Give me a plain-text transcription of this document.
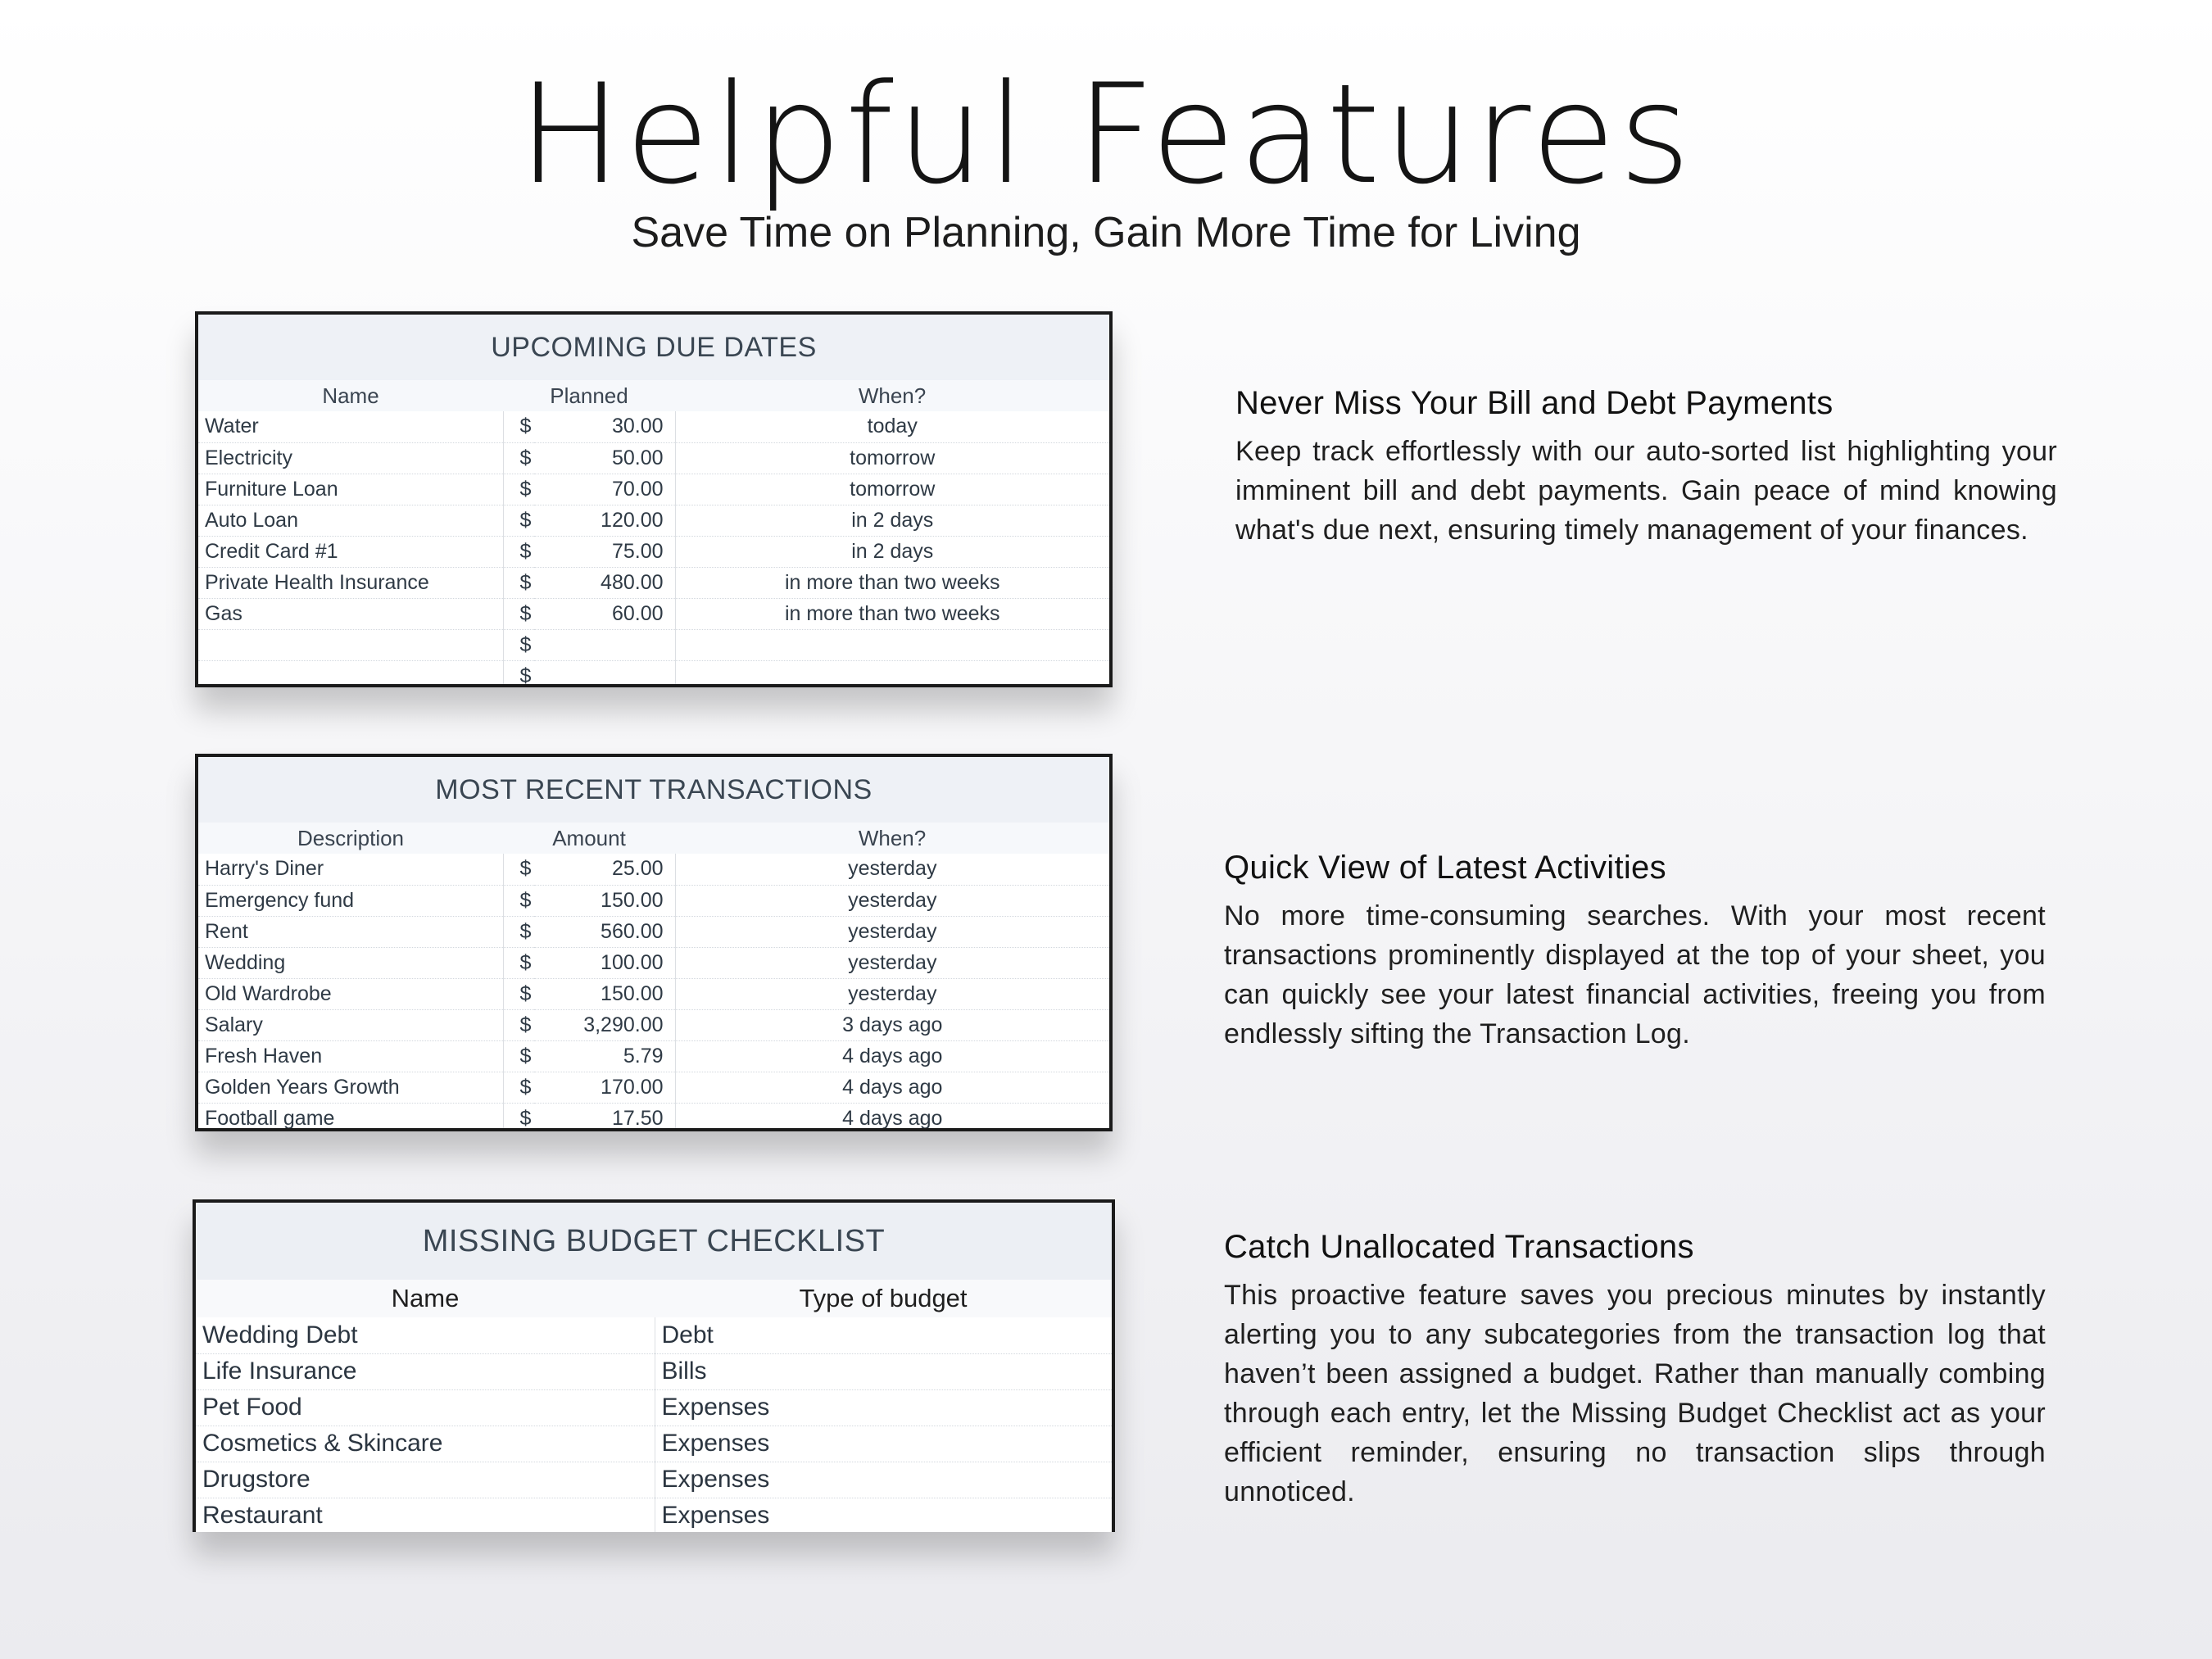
Helpful Features
Save Time on Planning, Gain More Time for Living
UPCOMING DUE DATES
Name	Planned		When?
Water	$	30.00	today
Electricity	$	50.00	tomorrow
Furniture Loan	$	70.00	tomorrow
Auto Loan	$	120.00	in 2 days
Credit Card #1	$	75.00	in 2 days
Private Health Insurance	$	480.00	in more than two weeks
Gas	$	60.00	in more than two weeks
	$		
	$		
MOST RECENT TRANSACTIONS
Description	Amount		When?
Harry's Diner	$	25.00	yesterday
Emergency fund	$	150.00	yesterday
Rent	$	560.00	yesterday
Wedding	$	100.00	yesterday
Old Wardrobe	$	150.00	yesterday
Salary	$	3,290.00	3 days ago
Fresh Haven	$	5.79	4 days ago
Golden Years Growth	$	170.00	4 days ago
Football game	$	17.50	4 days ago
MISSING BUDGET CHECKLIST
Name	Type of budget
Wedding Debt	Debt
Life Insurance	Bills
Pet Food	Expenses
Cosmetics & Skincare	Expenses
Drugstore	Expenses
Restaurant	Expenses
Never Miss Your Bill and Debt Payments

Keep track effortlessly with our auto-sorted list highlighting your imminent bill and debt payments. Gain peace of mind knowing what's due next, ensuring timely management of your finances.

Quick View of Latest Activities

No more time-consuming searches. With your most recent transactions prominently displayed at the top of your sheet, you can quickly see your latest financial activities, freeing you from endlessly sifting the Transaction Log.

Catch Unallocated Transactions

This proactive feature saves you precious minutes by instantly alerting you to any subcategories from the transaction log that haven’t been assigned a budget. Rather than manually combing through each entry, let the Missing Budget Checklist act as your efficient reminder, ensuring no transaction slips through unnoticed.
